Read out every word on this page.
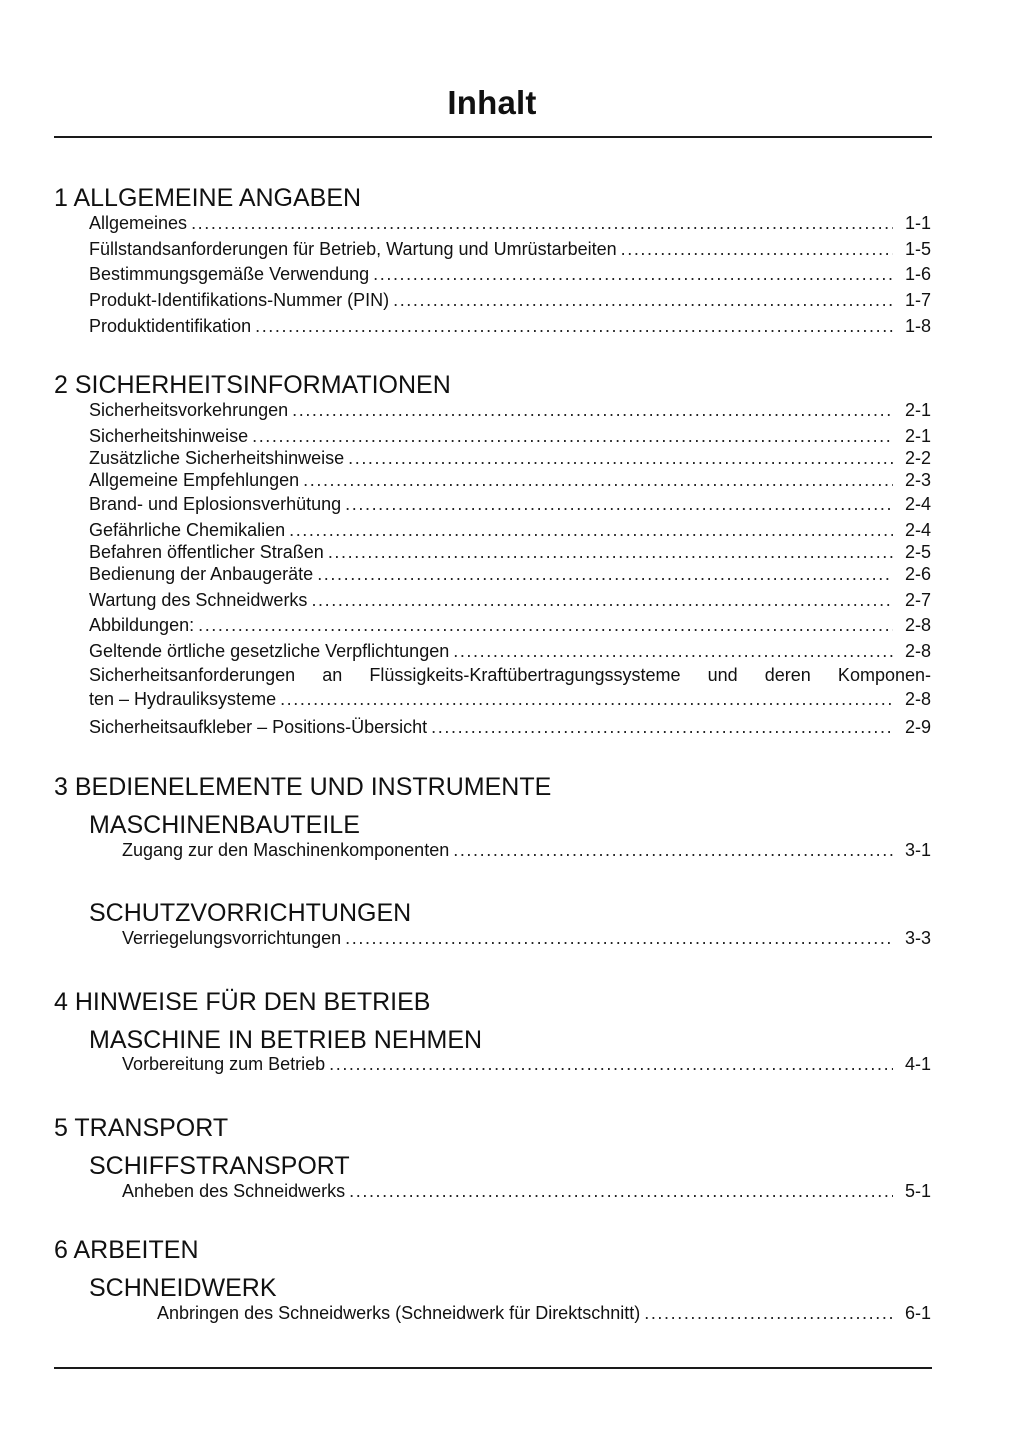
Inhalt
1 ALLGEMEINE ANGABEN
Allgemeines .....	1-1
Füllstandsanforderungen für Betrieb, Wartung und Umrüstarbeiten .....	1-5
Bestimmungsgemäße Verwendung .....	1-6
Produkt-Identifikations-Nummer (PIN) .....	1-7
Produktidentifikation .....	1-8
2 SICHERHEITSINFORMATIONEN
Sicherheitsvorkehrungen .....	2-1
Sicherheitshinweise .....	2-1
Zusätzliche Sicherheitshinweise .....	2-2
Allgemeine Empfehlungen .....	2-3
Brand- und Eplosionsverhütung .....	2-4
Gefährliche Chemikalien .....	2-4
Befahren öffentlicher Straßen .....	2-5
Bedienung der Anbaugeräte .....	2-6
Wartung des Schneidwerks .....	2-7
Abbildungen: .....	2-8
Geltende örtliche gesetzliche Verpflichtungen .....	2-8
Sicherheitsanforderungen an Flüssigkeits-Kraftübertragungssysteme und deren Komponen-
ten – Hydrauliksysteme .....	2-8
Sicherheitsaufkleber – Positions-Übersicht .....	2-9
3 BEDIENELEMENTE UND INSTRUMENTE
MASCHINENBAUTEILE
Zugang zur den Maschinenkomponenten .....	3-1
SCHUTZVORRICHTUNGEN
Verriegelungsvorrichtungen .....	3-3
4 HINWEISE FÜR DEN BETRIEB
MASCHINE IN BETRIEB NEHMEN
Vorbereitung zum Betrieb .....	4-1
5 TRANSPORT
SCHIFFSTRANSPORT
Anheben des Schneidwerks .....	5-1
6 ARBEITEN
SCHNEIDWERK
Anbringen des Schneidwerks (Schneidwerk für Direktschnitt) .....	6-1
